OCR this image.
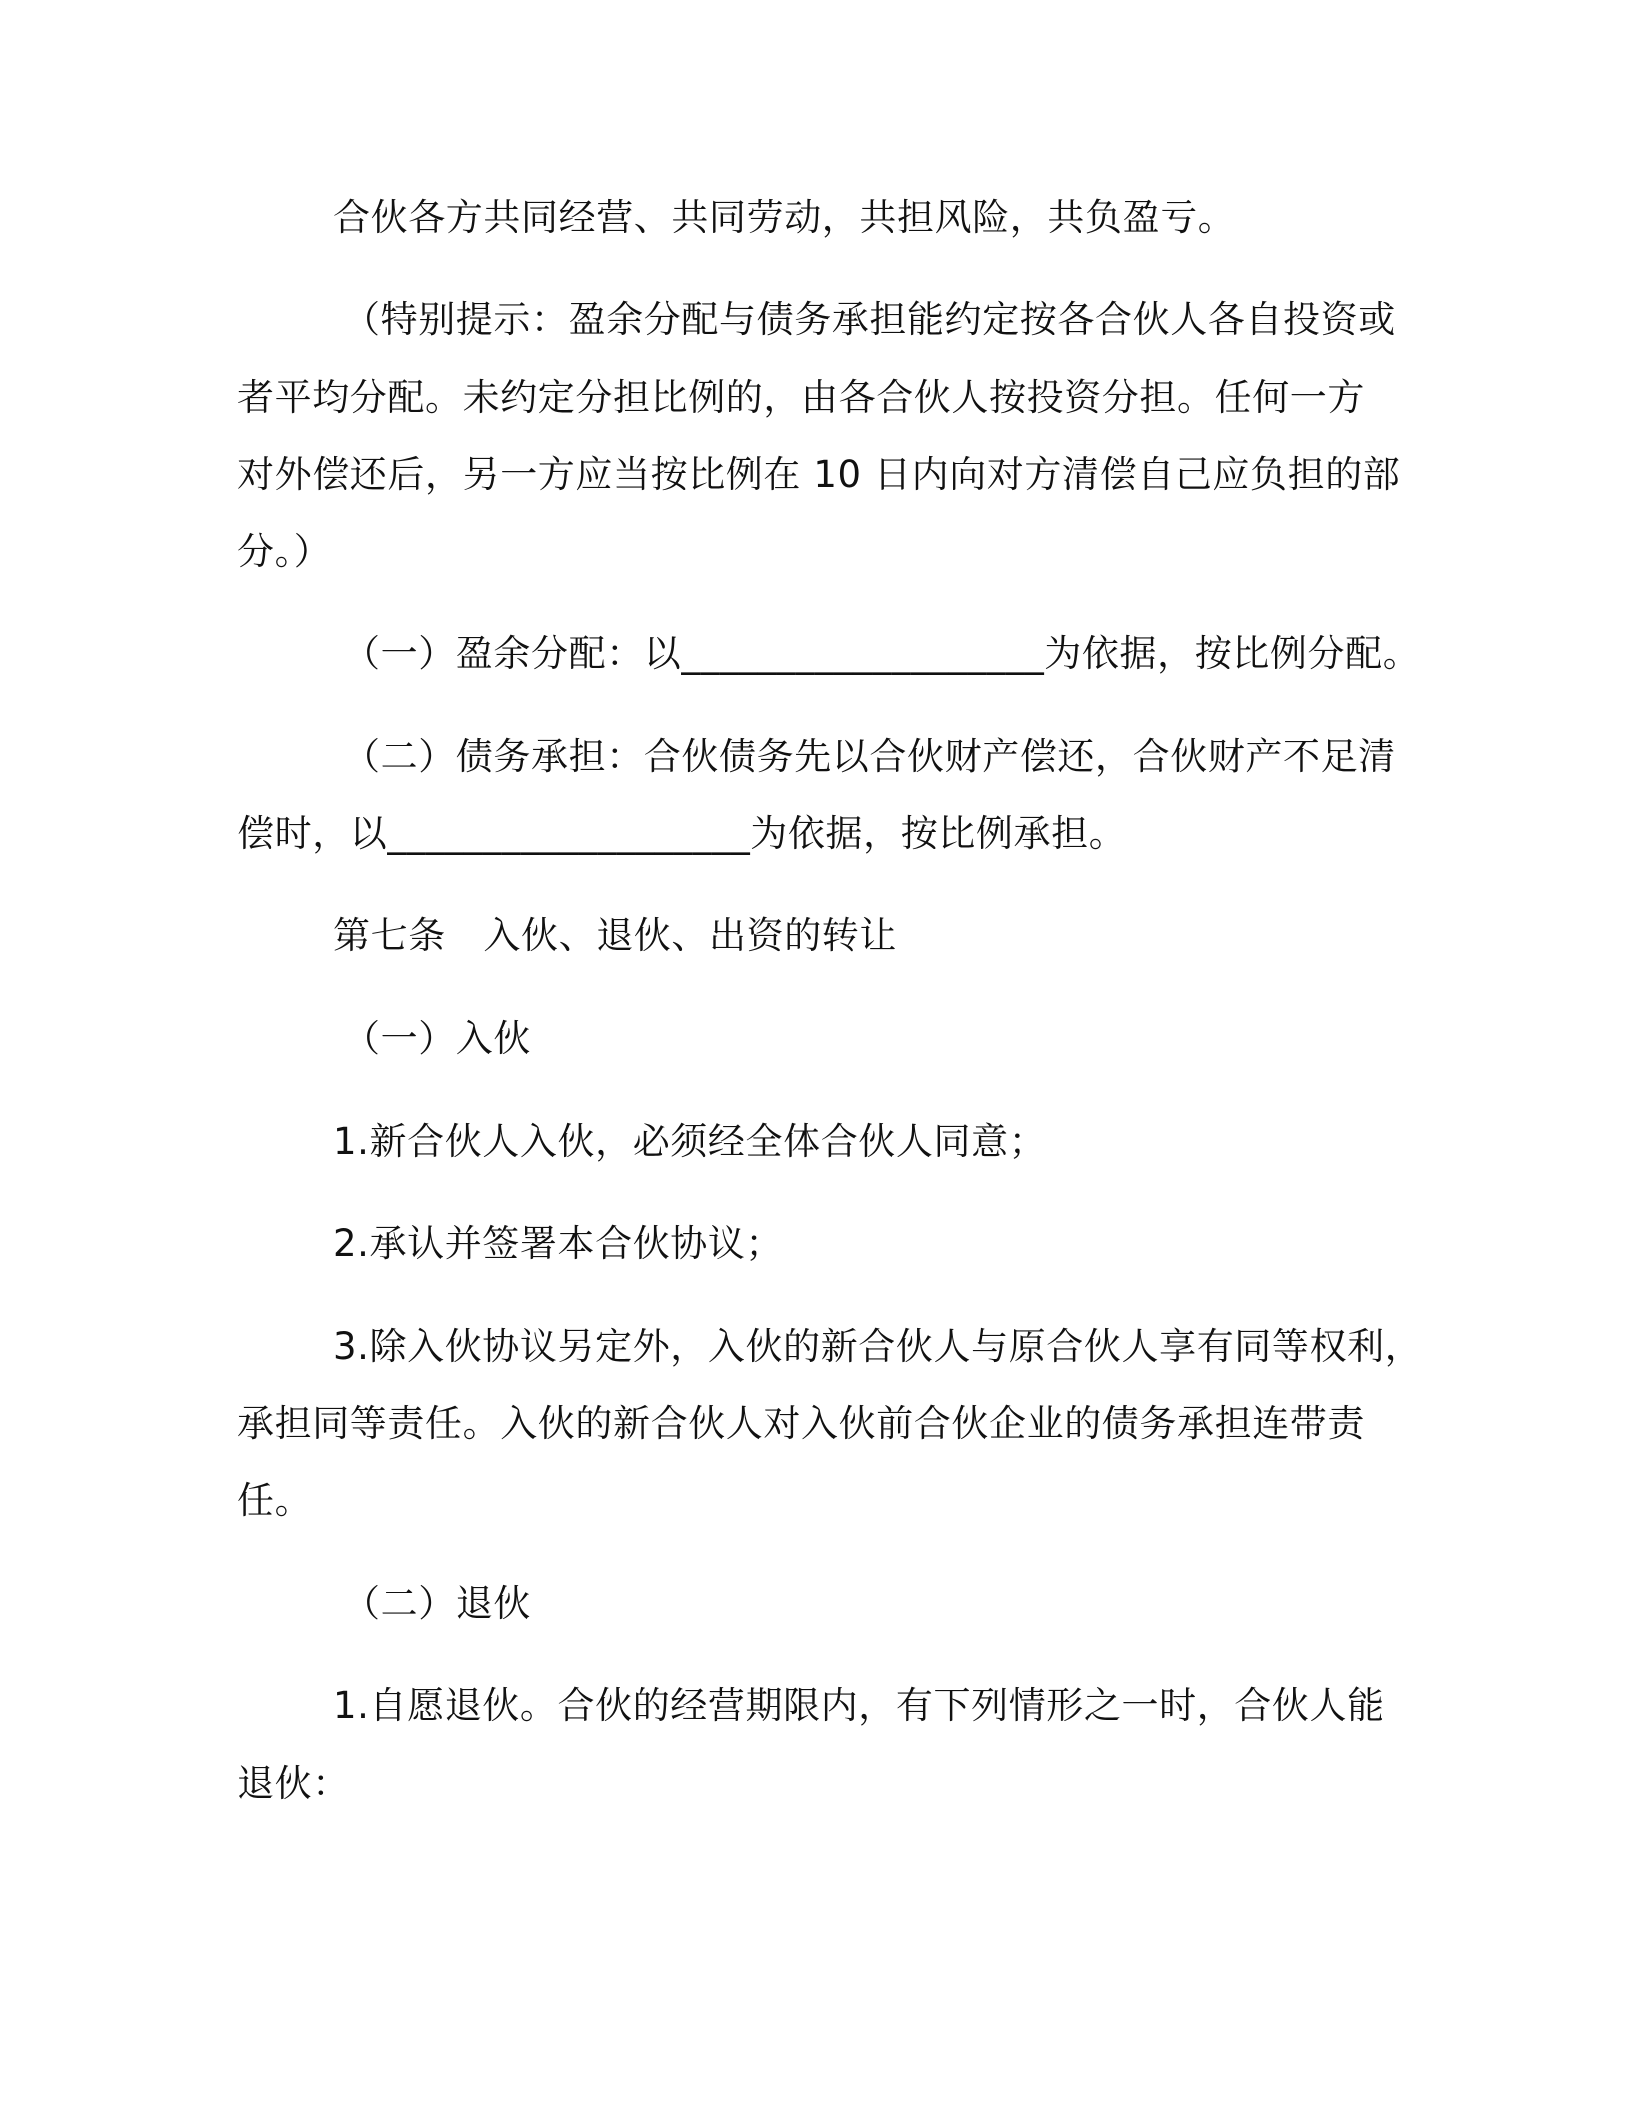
合伙各方共同经营、共同劳动，共担风险，共负盈亏。
（特别提示：盈余分配与债务承担能约定按各合伙人各自投资或
者平均分配。未约定分担比例的，由各合伙人按投资分担。任何一方
对外偿还后，另一方应当按比例在 10 日内向对方清偿自己应负担的部
分。）
（一）盈余分配：以___________________为依据，按比例分配。
（二）债务承担：合伙债务先以合伙财产偿还，合伙财产不足清
偿时，以___________________为依据，按比例承担。
第七条　入伙、退伙、出资的转让
（一）入伙
1.新合伙人入伙，必须经全体合伙人同意；
2.承认并签署本合伙协议；
3.除入伙协议另定外，入伙的新合伙人与原合伙人享有同等权利，
承担同等责任。入伙的新合伙人对入伙前合伙企业的债务承担连带责
任。
（二）退伙
1.自愿退伙。合伙的经营期限内，有下列情形之一时，合伙人能
退伙：
